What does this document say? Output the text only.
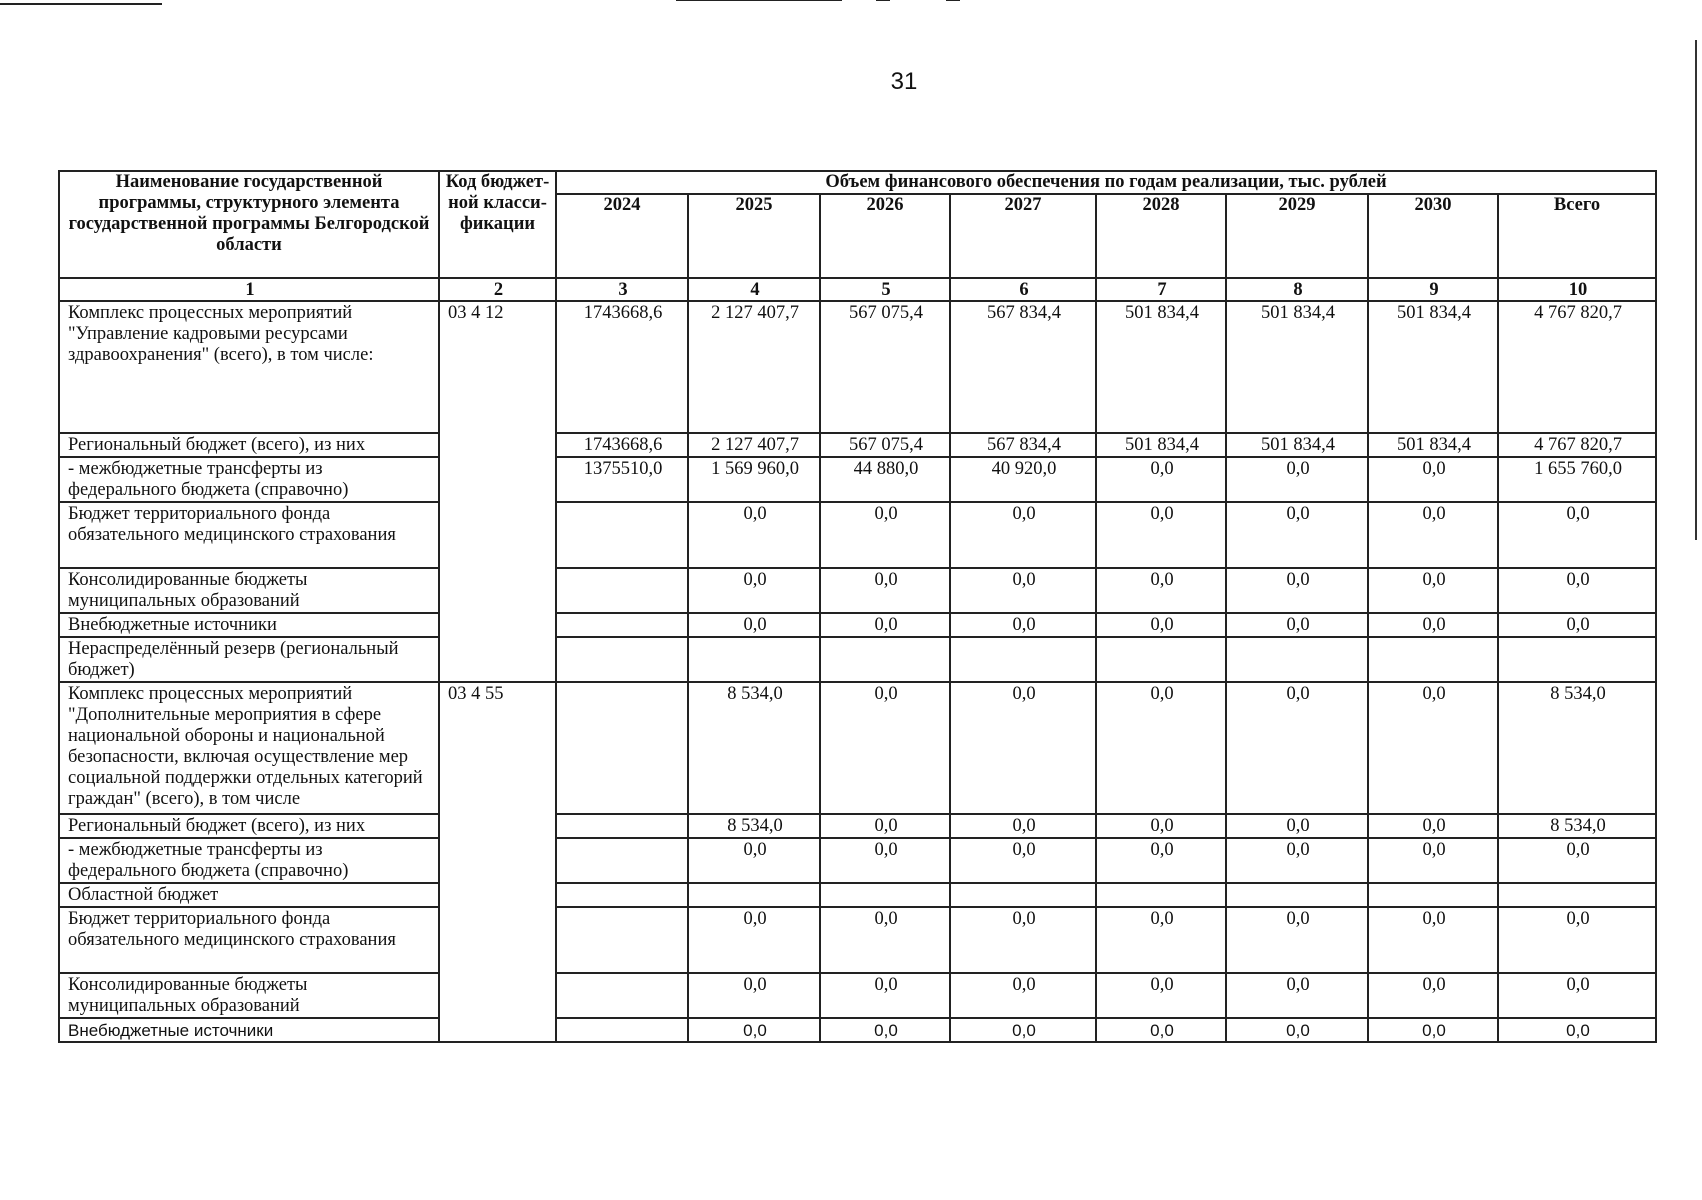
31
Наименование государственной программы, структурного элемента государственной программы Белгородской области	Код бюджет-ной класси-фикации	Объем финансового обеспечения по годам реализации, тыс. рублей							
		2024	2025	2026	2027	2028	2029	2030	Всего
1	2	3	4	5	6	7	8	9	10
Комплекс процессных мероприятий "Управление кадровыми ресурсами здравоохранения" (всего), в том числе:	03 4 12	1743668,6	2 127 407,7	567 075,4	567 834,4	501 834,4	501 834,4	501 834,4	4 767 820,7
Региональный бюджет (всего), из них		1743668,6	2 127 407,7	567 075,4	567 834,4	501 834,4	501 834,4	501 834,4	4 767 820,7
- межбюджетные трансферты из федерального бюджета (справочно)		1375510,0	1 569 960,0	44 880,0	40 920,0	0,0	0,0	0,0	1 655 760,0
Бюджет территориального фонда обязательного медицинского страхования			0,0	0,0	0,0	0,0	0,0	0,0	0,0
Консолидированные бюджеты муниципальных образований			0,0	0,0	0,0	0,0	0,0	0,0	0,0
Внебюджетные источники			0,0	0,0	0,0	0,0	0,0	0,0	0,0
Нераспределённый резерв (региональный бюджет)									
Комплекс процессных мероприятий "Дополнительные мероприятия в сфере национальной обороны и национальной безопасности, включая осуществление мер социальной поддержки отдельных категорий граждан" (всего), в том числе	03 4 55		8 534,0	0,0	0,0	0,0	0,0	0,0	8 534,0
Региональный бюджет (всего), из них			8 534,0	0,0	0,0	0,0	0,0	0,0	8 534,0
- межбюджетные трансферты из федерального бюджета (справочно)			0,0	0,0	0,0	0,0	0,0	0,0	0,0
Областной бюджет									
Бюджет территориального фонда обязательного медицинского страхования			0,0	0,0	0,0	0,0	0,0	0,0	0,0
Консолидированные бюджеты муниципальных образований			0,0	0,0	0,0	0,0	0,0	0,0	0,0
Внебюджетные источники			0,0	0,0	0,0	0,0	0,0	0,0	0,0
